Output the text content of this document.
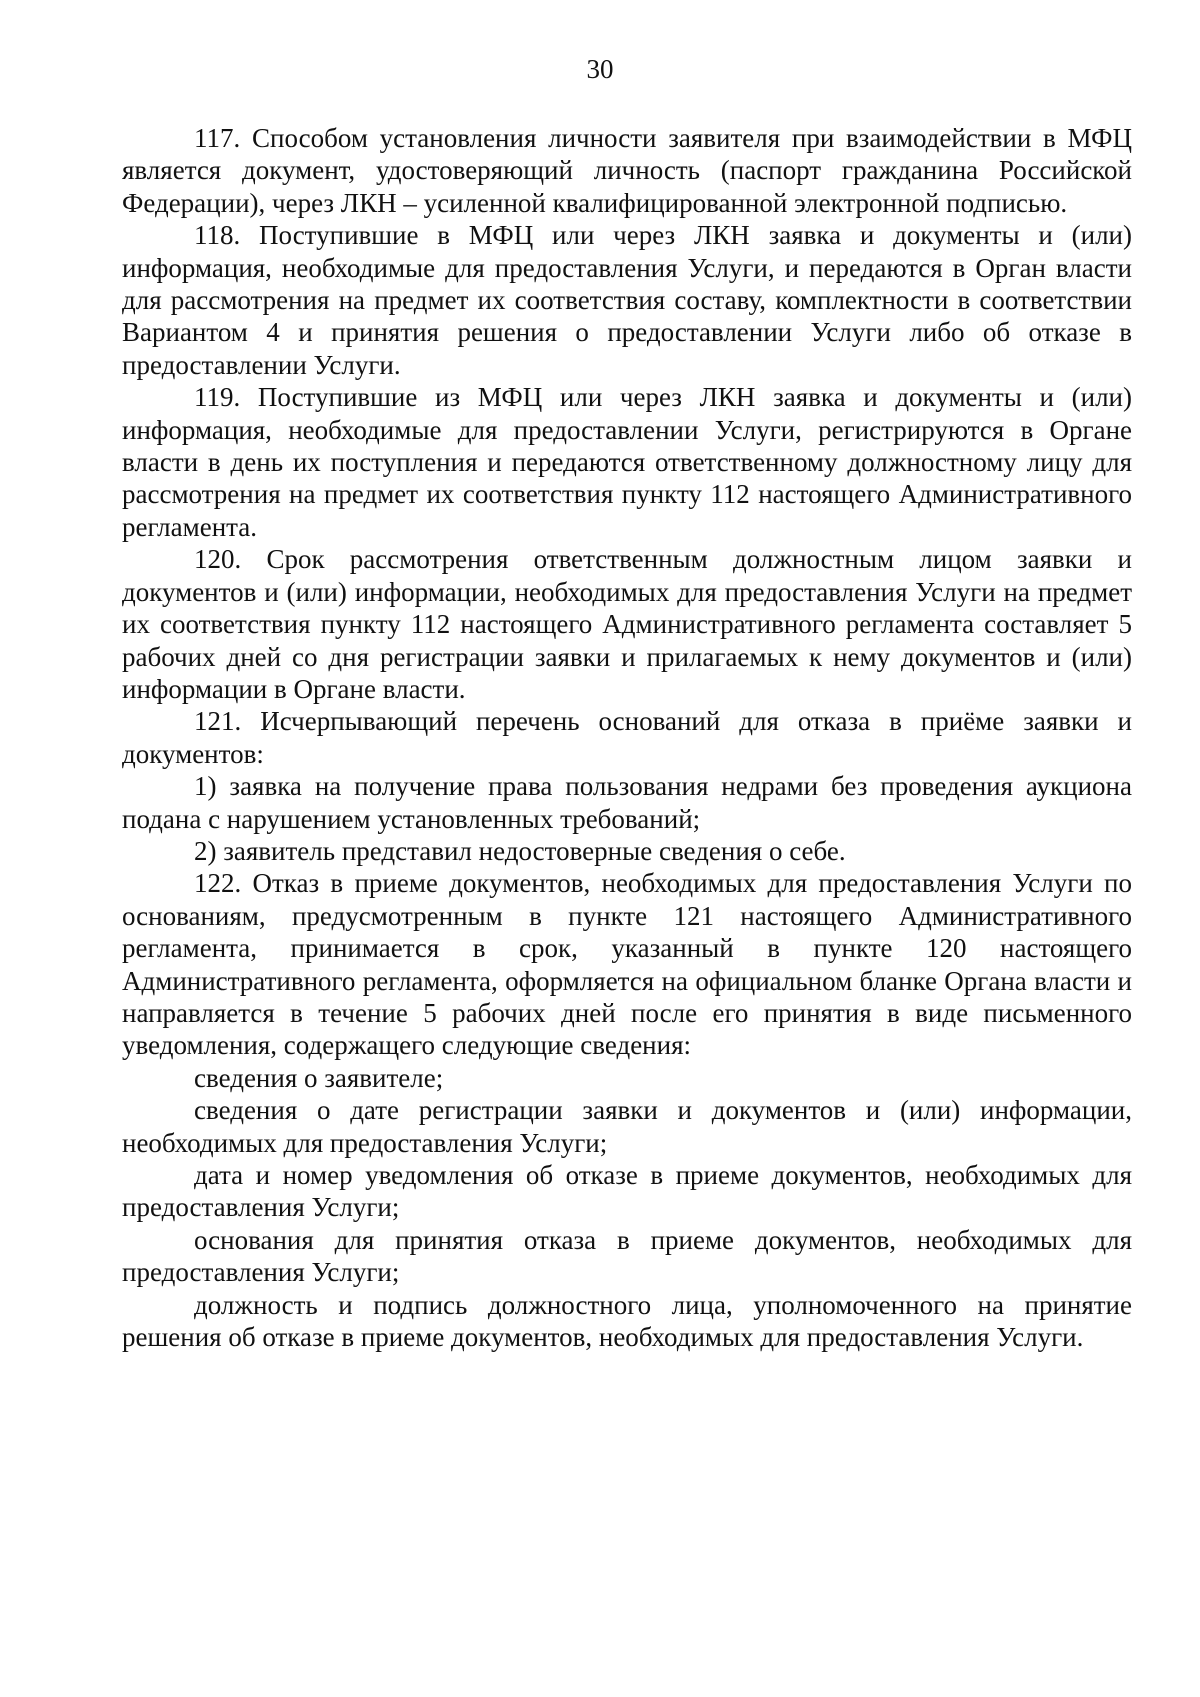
30

117. Способом установления личности заявителя при взаимодействии в МФЦ является документ, удостоверяющий личность (паспорт гражданина Российской Федерации), через ЛКН – усиленной квалифицированной электронной подписью.

118. Поступившие в МФЦ или через ЛКН заявка и документы и (или) информация, необходимые для предоставления Услуги, и передаются в Орган власти для рассмотрения на предмет их соответствия составу, комплектности в соответствии Вариантом 4 и принятия решения о предоставлении Услуги либо об отказе в предоставлении Услуги.

119. Поступившие из МФЦ или через ЛКН заявка и документы и (или) информация, необходимые для предоставлении Услуги, регистрируются в Органе власти в день их поступления и передаются ответственному должностному лицу для рассмотрения на предмет их соответствия пункту 112 настоящего Административного регламента.

120. Срок рассмотрения ответственным должностным лицом заявки и документов и (или) информации, необходимых для предоставления Услуги на предмет их соответствия пункту 112 настоящего Административного регламента составляет 5 рабочих дней со дня регистрации заявки и прилагаемых к нему документов и (или) информации в Органе власти.

121. Исчерпывающий перечень оснований для отказа в приёме заявки и документов:

1) заявка на получение права пользования недрами без проведения аукциона подана с нарушением установленных требований;

2) заявитель представил недостоверные сведения о себе.

122. Отказ в приеме документов, необходимых для предоставления Услуги по основаниям, предусмотренным в пункте 121 настоящего Административного регламента, принимается в срок, указанный в пункте 120 настоящего Административного регламента, оформляется на официальном бланке Органа власти и направляется в течение 5 рабочих дней после его принятия в виде письменного уведомления, содержащего следующие сведения:

сведения о заявителе;

сведения о дате регистрации заявки и документов и (или) информации, необходимых для предоставления Услуги;

дата и номер уведомления об отказе в приеме документов, необходимых для предоставления Услуги;

основания для принятия отказа в приеме документов, необходимых для предоставления Услуги;

должность и подпись должностного лица, уполномоченного на принятие решения об отказе в приеме документов, необходимых для предоставления Услуги.
